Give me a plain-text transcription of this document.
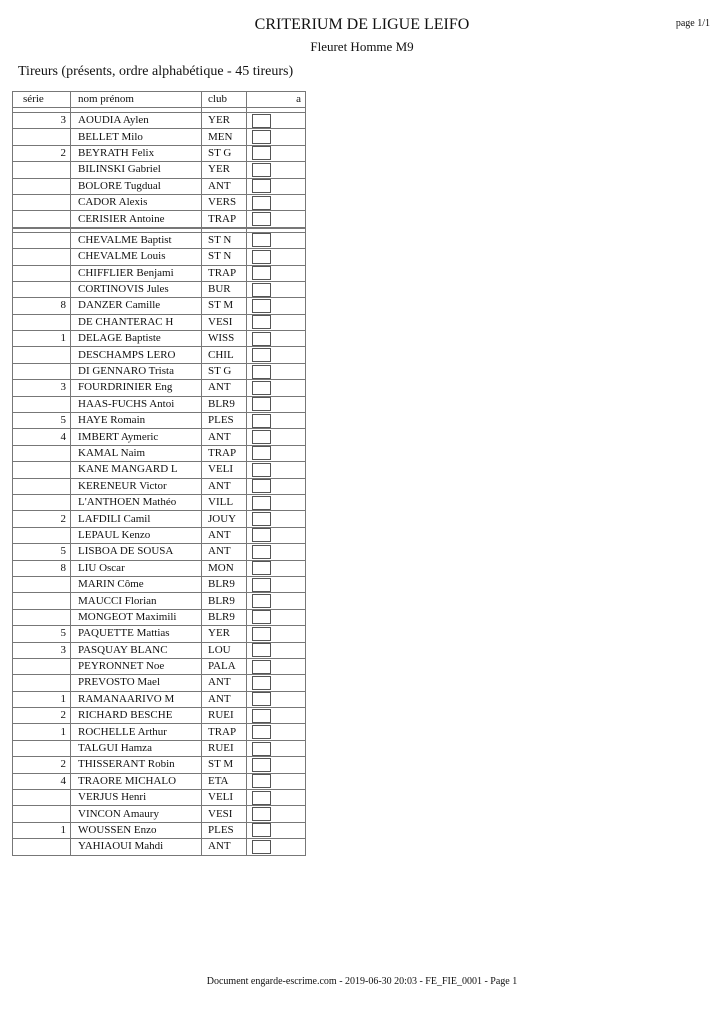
CRITERIUM DE LIGUE LEIFO
Fleuret Homme M9
page 1/1
Tireurs (présents, ordre alphabétique - 45 tireurs)
série	nom prénom	club	a

3	AOUDIA Aylen	YER	
	BELLET Milo	MEN	
2	BEYRATH Felix	ST G	
	BILINSKI Gabriel	YER	
	BOLORE Tugdual	ANT	
	CADOR Alexis	VERS	
	CERISIER Antoine	TRAP	

	CHEVALME Baptist	ST N	
	CHEVALME Louis	ST N	
	CHIFFLIER Benjami	TRAP	
	CORTINOVIS Jules	BUR	
8	DANZER Camille	ST M	
	DE CHANTERAC H	VESI	
1	DELAGE Baptiste	WISS	
	DESCHAMPS LERO	CHIL	
	DI GENNARO Trista	ST G	
3	FOURDRINIER Eng	ANT	
	HAAS-FUCHS Antoi	BLR9	
5	HAYE Romain	PLES	
4	IMBERT Aymeric	ANT	
	KAMAL Naim	TRAP	
	KANE MANGARD L	VELI	
	KERENEUR Victor	ANT	
	L'ANTHOEN Mathéo	VILL	
2	LAFDILI Camil	JOUY	
	LEPAUL Kenzo	ANT	
5	LISBOA DE SOUSA	ANT	
8	LIU Oscar	MON	
	MARIN Côme	BLR9	
	MAUCCI Florian	BLR9	
	MONGEOT Maximili	BLR9	
5	PAQUETTE Mattias	YER	
3	PASQUAY BLANC	LOU	
	PEYRONNET Noe	PALA	
	PREVOSTO Mael	ANT	
1	RAMANAARIVO M	ANT	
2	RICHARD BESCHE	RUEI	
1	ROCHELLE Arthur	TRAP	
	TALGUI Hamza	RUEI	
2	THISSERANT Robin	ST M	
4	TRAORE MICHALO	ETA	
	VERJUS Henri	VELI	
	VINCON Amaury	VESI	
1	WOUSSEN Enzo	PLES	
	YAHIAOUI Mahdi	ANT	
Document engarde-escrime.com - 2019-06-30 20:03 - FE_FIE_0001 - Page 1
